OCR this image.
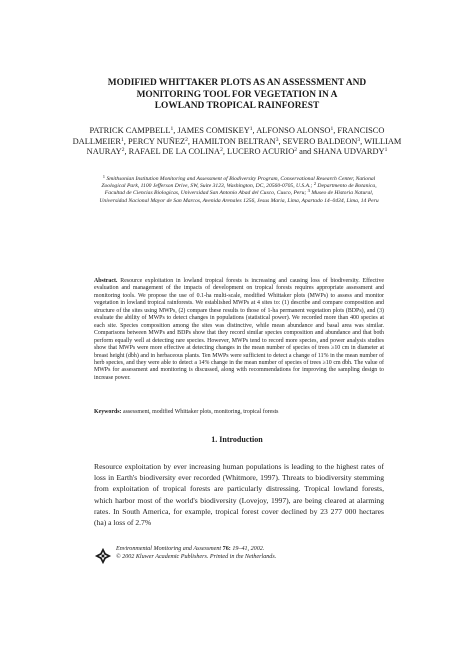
MODIFIED WHITTAKER PLOTS AS AN ASSESSMENT AND
MONITORING TOOL FOR VEGETATION IN A
LOWLAND TROPICAL RAINFOREST
PATRICK CAMPBELL$^1$, JAMES COMISKEY$^1$, ALFONSO ALONSO$^1$, FRANCISCO DALLMEIER$^1$, PERCY NUÑEZ$^2$, HAMILTON BELTRAN$^3$, SEVERO BALDEON$^3$, WILLIAM NAURAY$^2$, RAFAEL DE LA COLINA$^2$, LUCERO ACURIO$^2$ and SHANA UDVARDY$^1$
$^1$ Smithsonian Institution Monitoring and Assessment of Biodiversity Program, Conservational Research Center, National Zoological Park, 1100 Jefferson Drive, SW, Suite 3123, Washington, DC, 20560-0705, U.S.A.; $^2$ Departmento de Botanica, Facultad de Ciencias Biologicas, Universidad San Antonio Abad del Cusco, Cusco, Peru; $^3$ Museo de Historia Natural, Universidad Nacional Mayor de San Marcos, Avenida Arenales 1256, Jesus Maria, Lima, Apartado 14–0434, Lima, 14 Peru
Abstract. Resource exploitation in lowland tropical forests is increasing and causing loss of biodiversity. Effective evaluation and management of the impacts of development on tropical forests requires appropriate assessment and monitoring tools. We propose the use of 0.1-ha multi-scale, modified Whittaker plots (MWPs) to assess and monitor vegetation in lowland tropical rainforests. We established MWPs at 4 sites to: (1) describe and compare composition and structure of the sites using MWPs, (2) compare these results to those of 1-ha permanent vegetation plots (BDPs), and (3) evaluate the ability of MWPs to detect changes in populations (statistical power). We recorded more than 400 species at each site. Species composition among the sites was distinctive, while mean abundance and basal area was similar. Comparisons between MWPs and BDPs show that they record similar species composition and abundance and that both perform equally well at detecting rare species. However, MWPs tend to record more species, and power analysis studies show that MWPs were more effective at detecting changes in the mean number of species of trees ≥10 cm in diameter at breast height (dbh) and in herbaceous plants. Ten MWPs were sufficient to detect a change of 11% in the mean number of herb species, and they were able to detect a 14% change in the mean number of species of trees ≥10 cm dbh. The value of MWPs for assessment and monitoring is discussed, along with recommendations for improving the sampling design to increase power.
Keywords: assessment, modified Whittaker plots, monitoring, tropical forests
1. Introduction
Resource exploitation by ever increasing human populations is leading to the highest rates of loss in Earth's biodiversity ever recorded (Whitmore, 1997). Threats to biodiversity stemming from exploitation of tropical forests are particularly distressing. Tropical lowland forests, which harbor most of the world's biodiversity (Lovejoy, 1997), are being cleared at alarming rates. In South America, for example, tropical forest cover declined by 23 277 000 hectares (ha) a loss of 2.7%
Environmental Monitoring and Assessment 76: 19–41, 2002.
© 2002 Kluwer Academic Publishers. Printed in the Netherlands.
